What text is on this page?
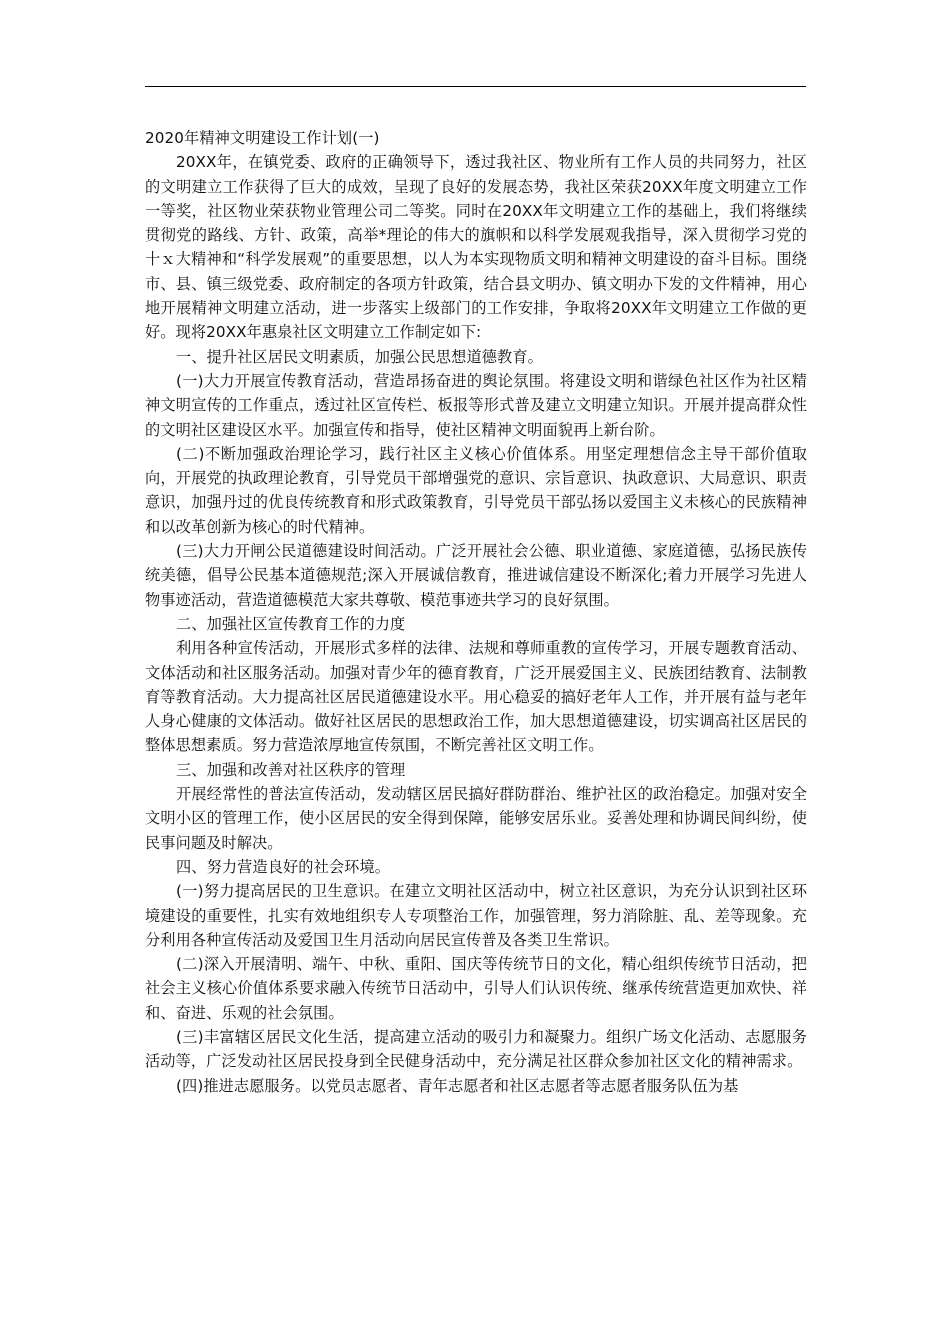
2020年精神文明建设工作计划(一)

20XX年，在镇党委、政府的正确领导下，透过我社区、物业所有工作人员的共同努力，社区的文明建立工作获得了巨大的成效，呈现了良好的发展态势，我社区荣获20XX年度文明建立工作一等奖，社区物业荣获物业管理公司二等奖。同时在20XX年文明建立工作的基础上，我们将继续贯彻党的路线、方针、政策，高举*理论的伟大的旗帜和以科学发展观我指导，深入贯彻学习党的十ｘ大精神和“科学发展观”的重要思想，以人为本实现物质文明和精神文明建设的奋斗目标。围绕市、县、镇三级党委、政府制定的各项方针政策，结合县文明办、镇文明办下发的文件精神，用心地开展精神文明建立活动，进一步落实上级部门的工作安排，争取将20XX年文明建立工作做的更好。现将20XX年惠泉社区文明建立工作制定如下:

一、提升社区居民文明素质，加强公民思想道德教育。

(一)大力开展宣传教育活动，营造昂扬奋进的舆论氛围。将建设文明和谐绿色社区作为社区精神文明宣传的工作重点，透过社区宣传栏、板报等形式普及建立文明建立知识。开展并提高群众性的文明社区建设区水平。加强宣传和指导，使社区精神文明面貌再上新台阶。

(二)不断加强政治理论学习，践行社区主义核心价值体系。用坚定理想信念主导干部价值取向，开展党的执政理论教育，引导党员干部增强党的意识、宗旨意识、执政意识、大局意识、职责意识，加强丹过的优良传统教育和形式政策教育，引导党员干部弘扬以爱国主义未核心的民族精神和以改革创新为核心的时代精神。

(三)大力开闸公民道德建设时间活动。广泛开展社会公德、职业道德、家庭道德，弘扬民族传统美德，倡导公民基本道德规范;深入开展诚信教育，推进诚信建设不断深化;着力开展学习先进人物事迹活动，营造道德模范大家共尊敬、模范事迹共学习的良好氛围。

二、加强社区宣传教育工作的力度

利用各种宣传活动，开展形式多样的法律、法规和尊师重教的宣传学习，开展专题教育活动、文体活动和社区服务活动。加强对青少年的德育教育，广泛开展爱国主义、民族团结教育、法制教育等教育活动。大力提高社区居民道德建设水平。用心稳妥的搞好老年人工作，并开展有益与老年人身心健康的文体活动。做好社区居民的思想政治工作，加大思想道德建设，切实调高社区居民的整体思想素质。努力营造浓厚地宣传氛围，不断完善社区文明工作。

三、加强和改善对社区秩序的管理

开展经常性的普法宣传活动，发动辖区居民搞好群防群治、维护社区的政治稳定。加强对安全文明小区的管理工作，使小区居民的安全得到保障，能够安居乐业。妥善处理和协调民间纠纷，使民事问题及时解决。

四、努力营造良好的社会环境。

(一)努力提高居民的卫生意识。在建立文明社区活动中，树立社区意识，为充分认识到社区环境建设的重要性，扎实有效地组织专人专项整治工作，加强管理，努力消除脏、乱、差等现象。充分利用各种宣传活动及爱国卫生月活动向居民宣传普及各类卫生常识。

(二)深入开展清明、端午、中秋、重阳、国庆等传统节日的文化，精心组织传统节日活动，把社会主义核心价值体系要求融入传统节日活动中，引导人们认识传统、继承传统营造更加欢快、祥和、奋进、乐观的社会氛围。

(三)丰富辖区居民文化生活，提高建立活动的吸引力和凝聚力。组织广场文化活动、志愿服务活动等，广泛发动社区居民投身到全民健身活动中，充分满足社区群众参加社区文化的精神需求。

(四)推进志愿服务。以党员志愿者、青年志愿者和社区志愿者等志愿者服务队伍为基
